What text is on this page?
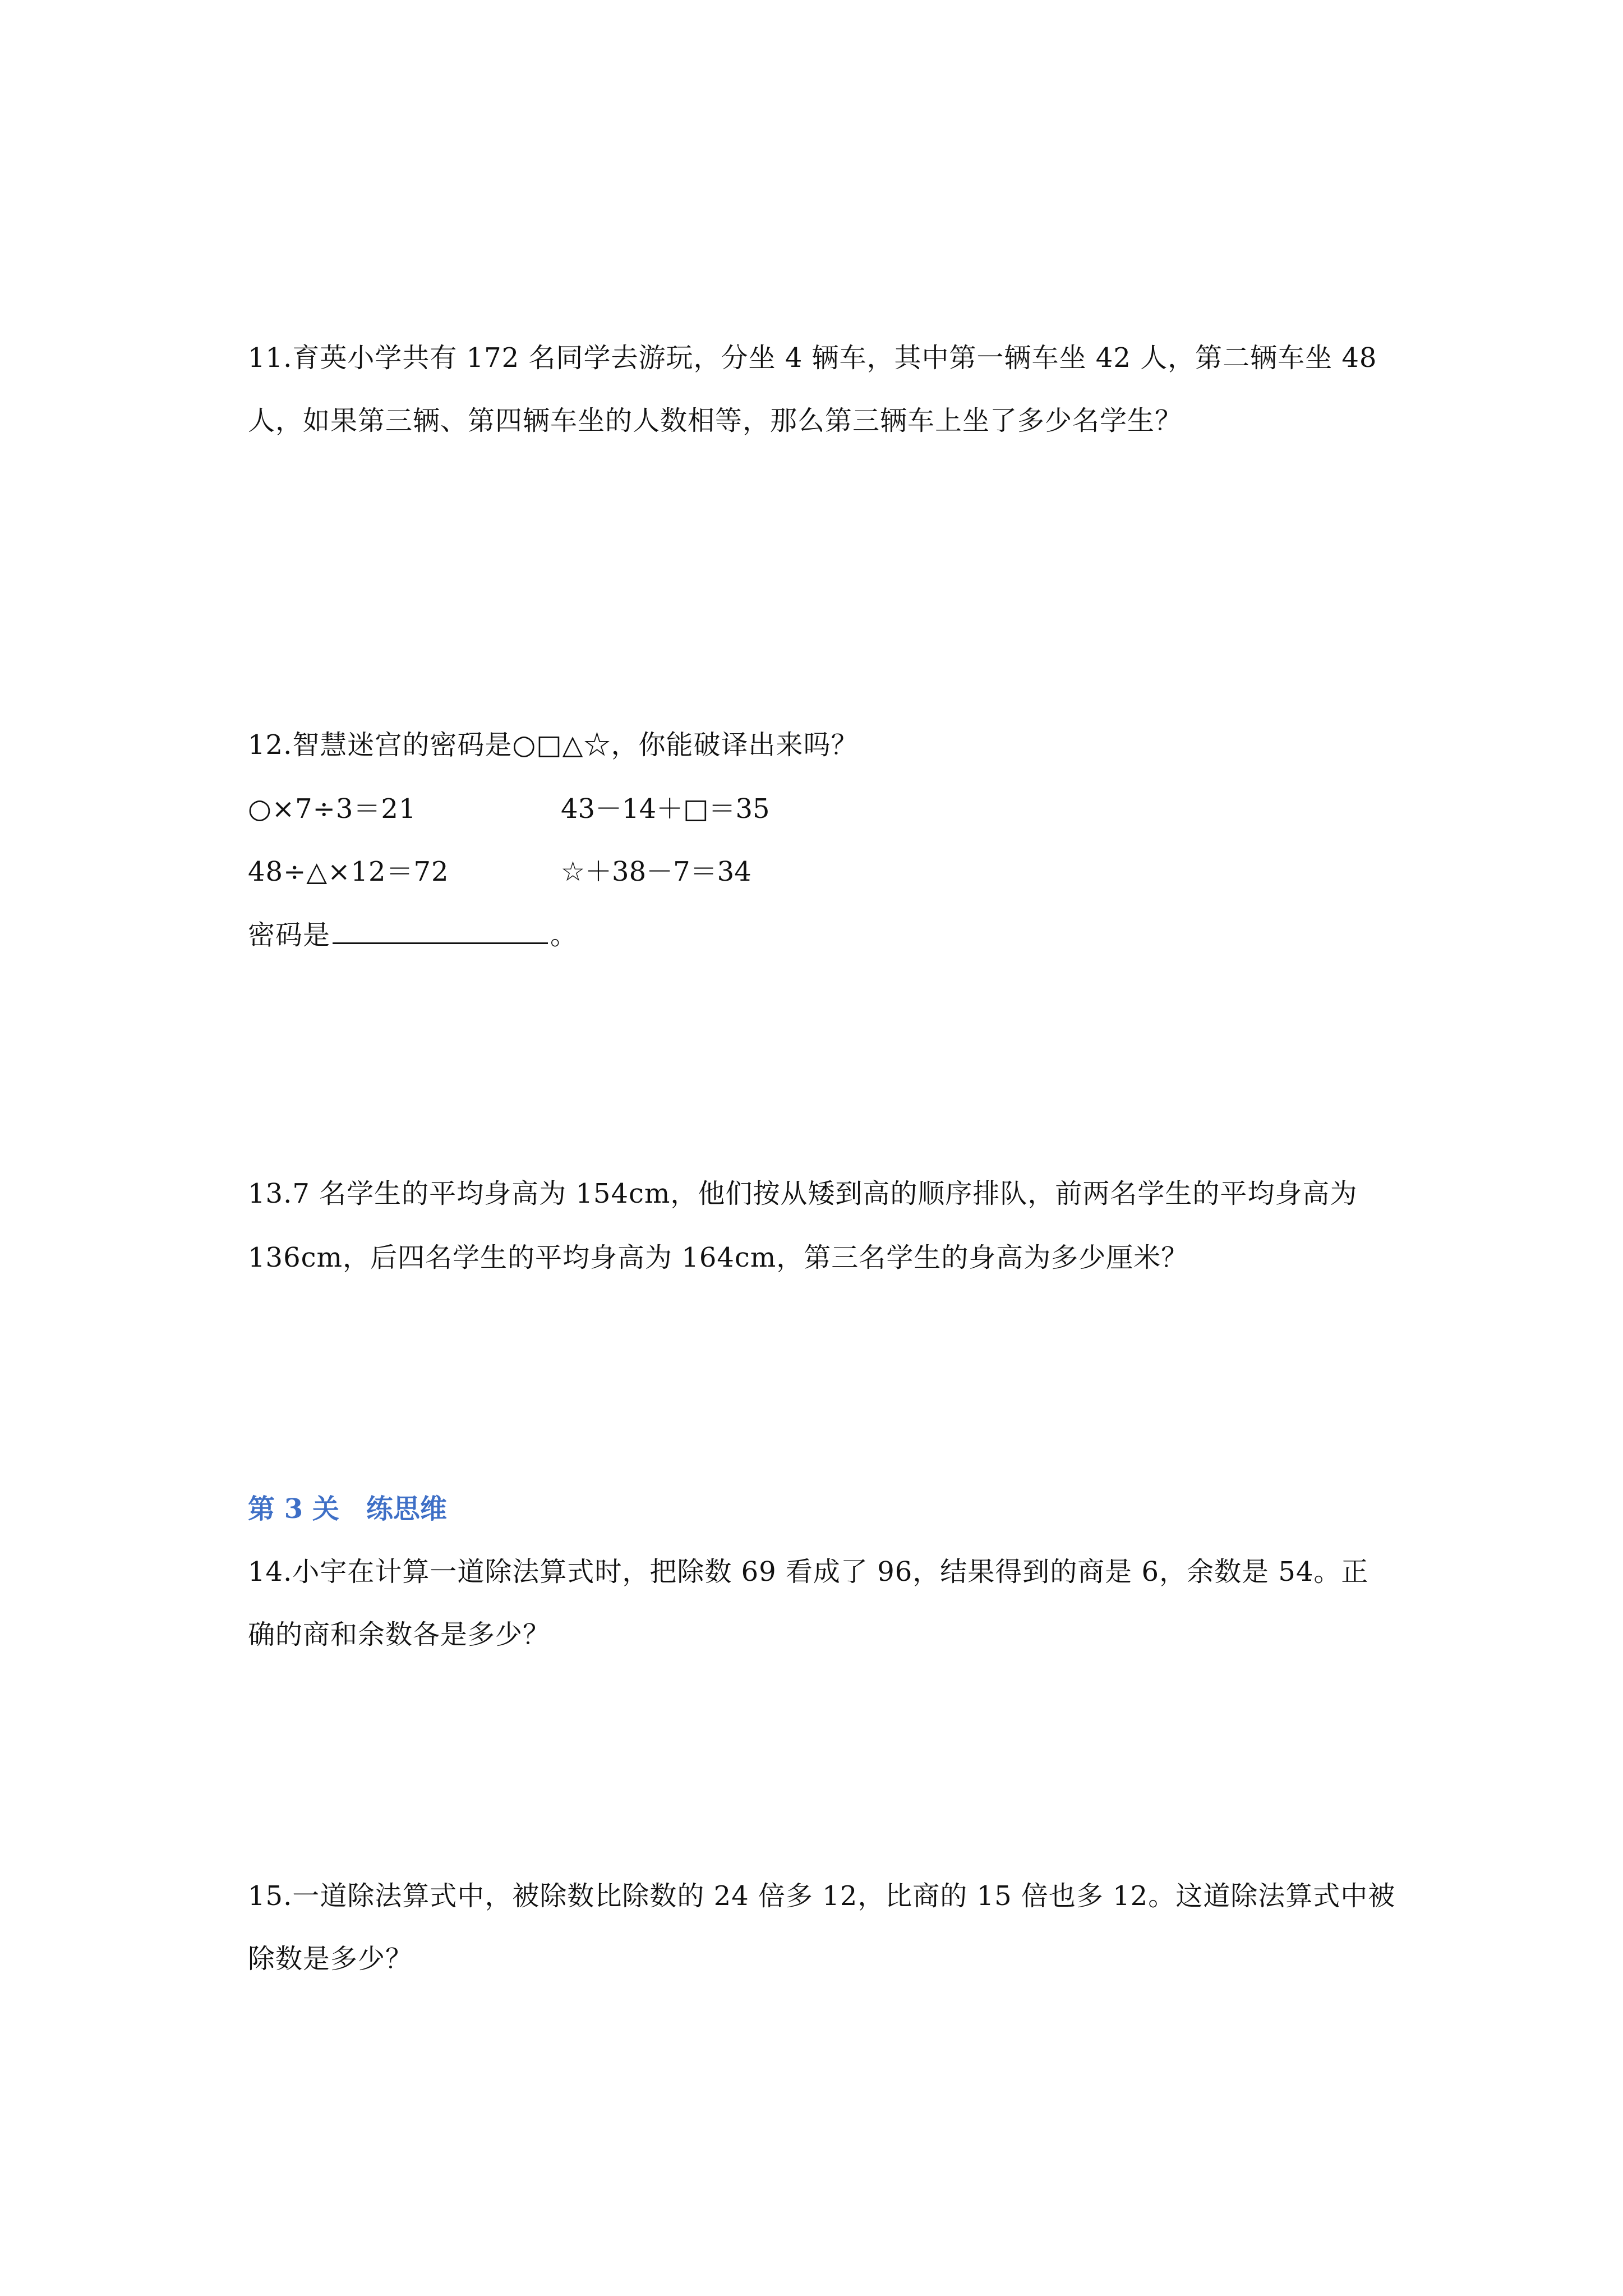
11.育英小学共有 172 名同学去游玩，分坐 4 辆车，其中第一辆车坐 42 人，第二辆车坐 48
人，如果第三辆、第四辆车坐的人数相等，那么第三辆车上坐了多少名学生？
12.智慧迷宫的密码是○□△☆，你能破译出来吗？
○×7÷3＝21	43－14＋□＝35
48÷△×12＝72	☆＋38－7＝34
密码是	。
13.7 名学生的平均身高为 154cm，他们按从矮到高的顺序排队，前两名学生的平均身高为
136cm，后四名学生的平均身高为 164cm，第三名学生的身高为多少厘米？
第 3 关　练思维
14.小宇在计算一道除法算式时，把除数 69 看成了 96，结果得到的商是 6，余数是 54。正
确的商和余数各是多少？
15.一道除法算式中，被除数比除数的 24 倍多 12，比商的 15 倍也多 12。这道除法算式中被
除数是多少？
